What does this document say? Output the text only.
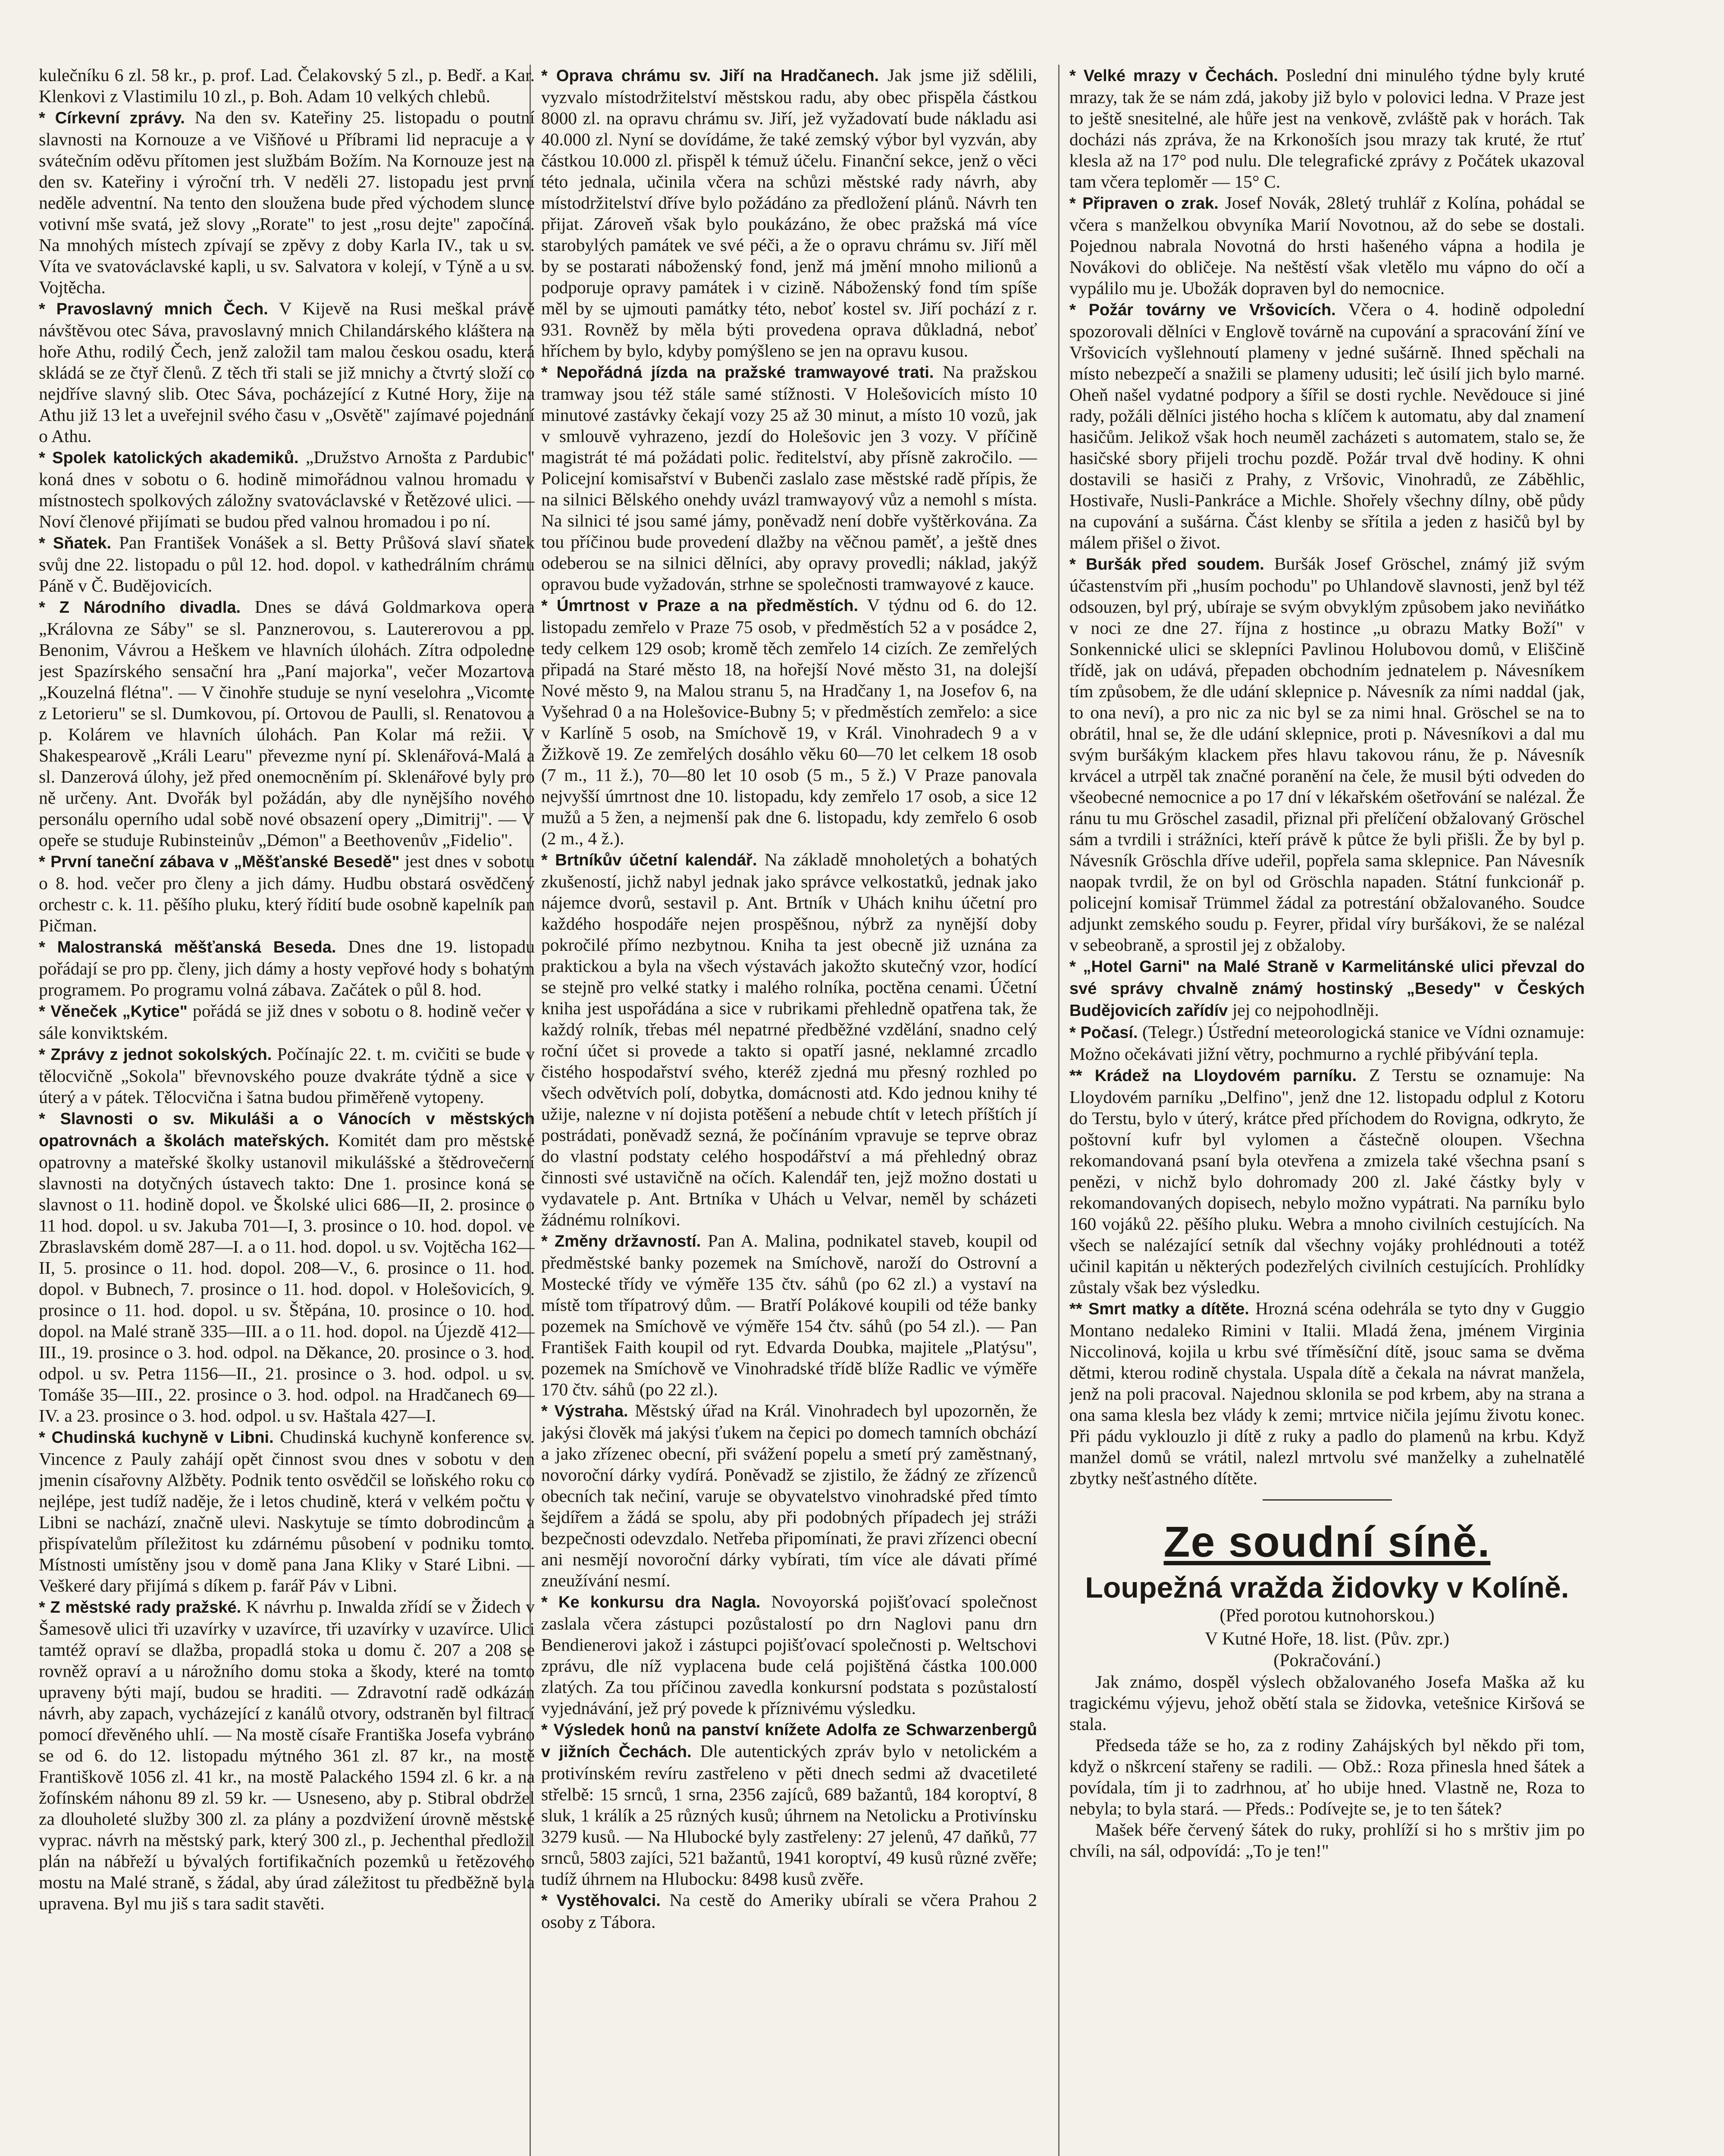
kulečníku 6 zl. 58 kr., p. prof. Lad. Čelakovský 5 zl., p. Bedř. a Kar. Klenkovi z Vlastimilu 10 zl., p. Boh. Adam 10 velkých chlebů.

* Církevní zprávy. Na den sv. Kateřiny 25. listopadu o poutní slavnosti na Kornouze a ve Višňové u Příbrami lid nepracuje a v svátečním oděvu přítomen jest službám Božím. Na Kornouze jest na den sv. Kateřiny i výroční trh. V neděli 27. listopadu jest první neděle adventní. Na tento den sloužena bude před východem slunce votivní mše svatá, jež slovy „Rorate" to jest „rosu dejte" započíná. Na mnohých místech zpívají se zpěvy z doby Karla IV., tak u sv. Víta ve svatováclavské kapli, u sv. Salvatora v kolejí, v Týně a u sv. Vojtěcha.

* Pravoslavný mnich Čech. V Kijevě na Rusi meškal právě návštěvou otec Sáva, pravoslavný mnich Chilandárského kláštera na hoře Athu, rodilý Čech, jenž založil tam malou českou osadu, která skládá se ze čtyř členů. Z těch tři stali se již mnichy a čtvrtý složí co nejdříve slavný slib. Otec Sáva, pocházející z Kutné Hory, žije na Athu již 13 let a uveřejnil svého času v „Osvětě" zajímavé pojednání o Athu.

* Spolek katolických akademiků. „Družstvo Arnošta z Pardubic" koná dnes v sobotu o 6. hodině mimořádnou valnou hromadu v místnostech spolkových záložny svatováclavské v Řetězové ulici. — Noví členové přijímati se budou před valnou hromadou i po ní.

* Sňatek. Pan František Vonášek a sl. Betty Průšová slaví sňatek svůj dne 22. listopadu o půl 12. hod. dopol. v kathedrálním chrámu Páně v Č. Budějovicích.

* Z Národního divadla. Dnes se dává Goldmarkova opera „Královna ze Sáby" se sl. Panznerovou, s. Lautererovou a pp. Benonim, Vávrou a Heškem ve hlavních úlohách. Zítra odpoledne jest Spazírského sensační hra „Paní majorka", večer Mozartova „Kouzelná flétna". — V činohře studuje se nyní veselohra „Vicomte z Letorieru" se sl. Dumkovou, pí. Ortovou de Paulli, sl. Renatovou a p. Kolárem ve hlavních úlohách. Pan Kolar má režii. V Shakespearově „Králi Learu" převezme nyní pí. Sklenářová-Malá a sl. Danzerová úlohy, jež před onemocněním pí. Sklenářové byly pro ně určeny. Ant. Dvořák byl požádán, aby dle nynějšího nového personálu operního udal sobě nové obsazení opery „Dimitrij". — V opeře se studuje Rubinsteinův „Démon" a Beethovenův „Fidelio".

* První taneční zábava v „Měšťanské Besedě" jest dnes v sobotu o 8. hod. večer pro členy a jich dámy. Hudbu obstará osvědčený orchestr c. k. 11. pěšího pluku, který řídití bude osobně kapelník pan Pičman.

* Malostranská měšťanská Beseda. Dnes dne 19. listopadu pořádají se pro pp. členy, jich dámy a hosty vepřové hody s bohatým programem. Po programu volná zábava. Začátek o půl 8. hod.

* Věneček „Kytice" pořádá se již dnes v sobotu o 8. hodině večer v sále konviktském.

* Zprávy z jednot sokolských. Počínajíc 22. t. m. cvičiti se bude v tělocvičně „Sokola" břevnovského pouze dvakráte týdně a sice v úterý a v pátek. Tělocvična i šatna budou přiměřeně vytopeny.

* Slavnosti o sv. Mikuláši a o Vánocích v městských opatrovnách a školách mateřských. Komitét dam pro městské opatrovny a mateřské školky ustanovil mikulášské a štědrovečerní slavnosti na dotyčných ústavech takto: Dne 1. prosince koná se slavnost o 11. hodině dopol. ve Školské ulici 686—II, 2. prosince o 11 hod. dopol. u sv. Jakuba 701—I, 3. prosince o 10. hod. dopol. ve Zbraslavském domě 287—I. a o 11. hod. dopol. u sv. Vojtěcha 162—II, 5. prosince o 11. hod. dopol. 208—V., 6. prosince o 11. hod. dopol. v Bubnech, 7. prosince o 11. hod. dopol. v Holešovicích, 9. prosince o 11. hod. dopol. u sv. Štěpána, 10. prosince o 10. hod. dopol. na Malé straně 335—III. a o 11. hod. dopol. na Újezdě 412—III., 19. prosince o 3. hod. odpol. na Děkance, 20. prosince o 3. hod. odpol. u sv. Petra 1156—II., 21. prosince o 3. hod. odpol. u sv. Tomáše 35—III., 22. prosince o 3. hod. odpol. na Hradčanech 69—IV. a 23. prosince o 3. hod. odpol. u sv. Haštala 427—I.

* Chudinská kuchyně v Libni. Chudinská kuchyně konference sv. Vincence z Pauly zahájí opět činnost svou dnes v sobotu v den jmenin císařovny Alžběty. Podnik tento osvědčil se loňského roku co nejlépe, jest tudíž naděje, že i letos chudině, která v velkém počtu v Libni se nachází, značně ulevi. Naskytuje se tímto dobrodincům a přispívatelům příležitost ku zdárnému působení v podniku tomto. Místnosti umístěny jsou v domě pana Jana Kliky v Staré Libni. — Veškeré dary přijímá s díkem p. farář Páv v Libni.

* Z městské rady pražské. K návrhu p. Inwalda zřídí se v Židech v Šamesově ulici tři uzavírky v uzavírce, tři uzavírky v uzavírce. Ulici tamtéž opraví se dlažba, propadlá stoka u domu č. 207 a 208 se rovněž opraví a u nárožního domu stoka a škody, které na tomto upraveny býti mají, budou se hraditi. — Zdravotní radě odkázán návrh, aby zapach, vycházející z kanálů otvory, odstraněn byl filtrací pomocí dřevěného uhlí. — Na mostě císaře Františka Josefa vybráno se od 6. do 12. listopadu mýtného 361 zl. 87 kr., na mostě Františkově 1056 zl. 41 kr., na mostě Palackého 1594 zl. 6 kr. a na žofínském náhonu 89 zl. 59 kr. — Usneseno, aby p. Stibral obdržel za dlouholeté služby 300 zl. za plány a pozdvižení úrovně městské vyprac. návrh na městský park, který 300 zl., p. Jechenthal předložil plán na nábřeží u bývalých fortifikačních pozemků u řetězového mostu na Malé straně, s žádal, aby úrad záležitost tu předběžně byla upravena. Byl mu jiš s tara sadit stavěti.

* Oprava chrámu sv. Jiří na Hradčanech. Jak jsme již sdělili, vyzvalo místodržitelství městskou radu, aby obec přispěla částkou 8000 zl. na opravu chrámu sv. Jiří, jež vyžadovatí bude nákladu asi 40.000 zl. Nyní se dovídáme, že také zemský výbor byl vyzván, aby částkou 10.000 zl. přispěl k témuž účelu. Finanční sekce, jenž o věci této jednala, učinila včera na schůzi městské rady návrh, aby místodržitelství dříve bylo požádáno za předložení plánů. Návrh ten přijat. Zároveň však bylo poukázáno, že obec pražská má více starobylých památek ve své péči, a že o opravu chrámu sv. Jiří měl by se postarati náboženský fond, jenž má jmění mnoho milionů a podporuje opravy památek i v cizině. Náboženský fond tím spíše měl by se ujmouti památky této, neboť kostel sv. Jiří pochází z r. 931. Rovněž by měla býti provedena oprava důkladná, neboť hříchem by bylo, kdyby pomýšleno se jen na opravu kusou.

* Nepořádná jízda na pražské tramwayové trati. Na pražskou tramway jsou též stále samé stížnosti. V Holešovicích místo 10 minutové zastávky čekají vozy 25 až 30 minut, a místo 10 vozů, jak v smlouvě vyhrazeno, jezdí do Holešovic jen 3 vozy. V příčině magistrát té má požádati polic. ředitelství, aby přísně zakročilo. — Policejní komisařství v Bubenči zaslalo zase městské radě přípis, že na silnici Bělského onehdy uvázl tramwayový vůz a nemohl s místa. Na silnici té jsou samé jámy, poněvadž není dobře vyštěrkována. Za tou příčinou bude provedení dlažby na věčnou paměť, a ještě dnes odeberou se na silnici dělníci, aby opravy provedli; náklad, jakýž opravou bude vyžadován, strhne se společnosti tramwayové z kauce.

* Úmrtnost v Praze a na předměstích. V týdnu od 6. do 12. listopadu zemřelo v Praze 75 osob, v předměstích 52 a v posádce 2, tedy celkem 129 osob; kromě těch zemřelo 14 cizích. Ze zemřelých připadá na Staré město 18, na hořejší Nové město 31, na dolejší Nové město 9, na Malou stranu 5, na Hradčany 1, na Josefov 6, na Vyšehrad 0 a na Holešovice-Bubny 5; v předměstích zemřelo: a sice v Karlíně 5 osob, na Smíchově 19, v Král. Vinohradech 9 a v Žižkově 19. Ze zemřelých dosáhlo věku 60—70 let celkem 18 osob (7 m., 11 ž.), 70—80 let 10 osob (5 m., 5 ž.) V Praze panovala nejvyšší úmrtnost dne 10. listopadu, kdy zemřelo 17 osob, a sice 12 mužů a 5 žen, a nejmenší pak dne 6. listopadu, kdy zemřelo 6 osob (2 m., 4 ž.).

* Brtníkův účetní kalendář. Na základě mnoholetých a bohatých zkušeností, jichž nabyl jednak jako správce velkostatků, jednak jako nájemce dvorů, sestavil p. Ant. Brtník v Uhách knihu účetní pro každého hospodáře nejen prospěšnou, nýbrž za nynější doby pokročilé přímo nezbytnou. Kniha ta jest obecně již uznána za praktickou a byla na všech výstavách jakožto skutečný vzor, hodící se stejně pro velké statky i malého rolníka, poctěna cenami. Účetní kniha jest uspořádána a sice v rubrikami přehledně opatřena tak, že každý rolník, třebas mél nepatrné předběžné vzdělání, snadno celý roční účet si provede a takto si opatří jasné, neklamné zrcadlo čistého hospodařství svého, kteréž zjedná mu přesný rozhled po všech odvětvích polí, dobytka, domácnosti atd. Kdo jednou knihy té užije, nalezne v ní dojista potěšení a nebude chtít v letech příštích jí postrádati, poněvadž sezná, že počínáním vpravuje se teprve obraz do vlastní podstaty celého hospodářství a má přehledný obraz činnosti své ustavičně na očích. Kalendář ten, jejž možno dostati u vydavatele p. Ant. Brtníka v Uhách u Velvar, neměl by scházeti žádnému rolníkovi.

* Změny državností. Pan A. Malina, podnikatel staveb, koupil od předměstské banky pozemek na Smíchově, naroží do Ostrovní a Mostecké třídy ve výměře 135 čtv. sáhů (po 62 zl.) a vystaví na místě tom třípatrový dům. — Bratří Polákové koupili od téže banky pozemek na Smíchově ve výměře 154 čtv. sáhů (po 54 zl.). — Pan František Faith koupil od ryt. Edvarda Doubka, majitele „Platýsu", pozemek na Smíchově ve Vinohradské třídě blíže Radlic ve výměře 170 čtv. sáhů (po 22 zl.).

* Výstraha. Městský úřad na Král. Vinohradech byl upozorněn, že jakýsi člověk má jakýsi ťukem na čepici po domech tamních obchází a jako zřízenec obecní, při svážení popelu a smetí prý zaměstnaný, novoroční dárky vydírá. Poněvadž se zjistilo, že žádný ze zřízenců obecních tak nečiní, varuje se obyvatelstvo vinohradské před tímto šejdířem a žádá se spolu, aby při podobných případech jej stráži bezpečnosti odevzdalo. Netřeba připomínati, že pravi zřízenci obecní ani nesmějí novoroční dárky vybírati, tím více ale dávati přímé zneužívání nesmí.

* Ke konkursu dra Nagla. Novoyorská pojišťovací společnost zaslala včera zástupci pozůstalostí po drn Naglovi panu drn Bendienerovi jakož i zástupci pojišťovací společnosti p. Weltschovi zprávu, dle níž vyplacena bude celá pojištěná částka 100.000 zlatých. Za tou příčinou zavedla konkursní podstata s pozůstalostí vyjednávání, jež prý povede k příznivému výsledku.

* Výsledek honů na panství knížete Adolfa ze Schwarzenbergů v jižních Čechách. Dle autentických zpráv bylo v netolickém a protivínském revíru zastřeleno v pěti dnech sedmi až dvacetileté střelbě: 15 srnců, 1 srna, 2356 zajíců, 689 bažantů, 184 koroptví, 8 sluk, 1 králík a 25 různých kusů; úhrnem na Netolicku a Protivínsku 3279 kusů. — Na Hlubocké byly zastřeleny: 27 jelenů, 47 daňků, 77 srnců, 5803 zajíci, 521 bažantů, 1941 koroptví, 49 kusů různé zvěře; tudíž úhrnem na Hlubocku: 8498 kusů zvěře.

* Vystěhovalci. Na cestě do Ameriky ubírali se včera Prahou 2 osoby z Tábora.

* Velké mrazy v Čechách. Poslední dni minulého týdne byly kruté mrazy, tak že se nám zdá, jakoby již bylo v polovici ledna. V Praze jest to ještě snesitelné, ale hůře jest na venkově, zvláště pak v horách. Tak docházi nás zpráva, že na Krkonoších jsou mrazy tak kruté, že rtuť klesla až na 17° pod nulu. Dle telegrafické zprávy z Počátek ukazoval tam včera teploměr — 15° C.

* Připraven o zrak. Josef Novák, 28letý truhlář z Kolína, pohádal se včera s manželkou obvyníka Marií Novotnou, až do sebe se dostali. Pojednou nabrala Novotná do hrsti hašeného vápna a hodila je Novákovi do obličeje. Na neštěstí však vletělo mu vápno do očí a vypálilo mu je. Ubožák dopraven byl do nemocnice.

* Požár továrny ve Vršovicích. Včera o 4. hodině odpolední spozorovali dělníci v Englově továrně na cupování a spracování žíní ve Vršovicích vyšlehnoutí plameny v jedné sušárně. Ihned spěchali na místo nebezpečí a snažili se plameny udusiti; leč úsilí jich bylo marné. Oheň našel vydatné podpory a šířil se dosti rychle. Nevědouce si jiné rady, požáli dělníci jistého hocha s klíčem k automatu, aby dal znamení hasičům. Jelikož však hoch neuměl zacházeti s automatem, stalo se, že hasičské sbory přijeli trochu pozdě. Požár trval dvě hodiny. K ohni dostavili se hasiči z Prahy, z Vršovic, Vinohradů, ze Záběhlic, Hostivaře, Nusli-Pankráce a Michle. Shořely všechny dílny, obě půdy na cupování a sušárna. Část klenby se sřítila a jeden z hasičů byl by málem přišel o život.

* Buršák před soudem. Buršák Josef Gröschel, známý již svým účastenstvím při „husím pochodu" po Uhlandově slavnosti, jenž byl též odsouzen, byl prý, ubíraje se svým obvyklým způsobem jako neviňátko v noci ze dne 27. října z hostince „u obrazu Matky Boží" v Sonkennické ulici se sklepníci Pavlinou Holubovou domů, v Eliščině třídě, jak on udává, přepaden obchodním jednatelem p. Návesníkem tím způsobem, že dle udání sklepnice p. Návesník za ními naddal (jak, to ona neví), a pro nic za nic byl se za nimi hnal. Gröschel se na to obrátil, hnal se, že dle udání sklepnice, proti p. Návesníkovi a dal mu svým buršákým klackem přes hlavu takovou ránu, že p. Návesník krvácel a utrpěl tak značné poranění na čele, že musil býti odveden do všeobecné nemocnice a po 17 dní v lékařském ošetřování se nalézal. Že ránu tu mu Gröschel zasadil, přiznal při přelíčení obžalovaný Gröschel sám a tvrdili i strážníci, kteří právě k půtce že byli přišli. Že by byl p. Návesník Gröschla dříve udeřil, popřela sama sklepnice. Pan Návesník naopak tvrdil, že on byl od Gröschla napaden. Státní funkcionář p. policejní komisař Trümmel žádal za potrestání obžalovaného. Soudce adjunkt zemského soudu p. Feyrer, přidal víry buršákovi, že se nalézal v sebeobraně, a sprostil jej z obžaloby.

* „Hotel Garni" na Malé Straně v Karmelitánské ulici převzal do své správy chvalně známý hostinský „Besedy" v Českých Budějovicích zařídív jej co nejpohodlněji.

* Počasí. (Telegr.) Ústřední meteorologická stanice ve Vídni oznamuje: Možno očekávati jižní větry, pochmurno a rychlé přibývání tepla.

** Krádež na Lloydovém parníku. Z Terstu se oznamuje: Na Lloydovém parníku „Delfino", jenž dne 12. listopadu odplul z Kotoru do Terstu, bylo v úterý, krátce před příchodem do Rovigna, odkryto, že poštovní kufr byl vylomen a částečně oloupen. Všechna rekomandovaná psaní byla otevřena a zmizela také všechna psaní s penězi, v nichž bylo dohromady 200 zl. Jaké částky byly v rekomandovaných dopisech, nebylo možno vypátrati. Na parníku bylo 160 vojáků 22. pěšího pluku. Webra a mnoho civilních cestujících. Na všech se nalézající setník dal všechny vojáky prohlédnouti a totéž učinil kapitán u některých podezřelých civilních cestujících. Prohlídky zůstaly však bez výsledku.

** Smrt matky a dítěte. Hrozná scéna odehrála se tyto dny v Guggio Montano nedaleko Rimini v Italii. Mladá žena, jménem Virginia Niccolinová, kojila u krbu své tříměsíční dítě, jsouc sama se dvěma dětmi, kterou rodině chystala. Uspala dítě a čekala na návrat manžela, jenž na poli pracoval. Najednou sklonila se pod krbem, aby na strana a ona sama klesla bez vlády k zemi; mrtvice ničila jejímu životu konec. Při pádu vyklouzlo ji dítě z ruky a padlo do plamenů na krbu. Když manžel domů se vrátil, nalezl mrtvolu své manželky a zuhelnatělé zbytky nešťastného dítěte.

Ze soudní síně.
Loupežná vražda židovky v Kolíně.
(Před porotou kutnohorskou.)
V Kutné Hoře, 18. list. (Pův. zpr.)
(Pokračování.)

Jak známo, dospěl výslech obžalovaného Josefa Maška až ku tragickému výjevu, jehož obětí stala se židovka, vetešnice Kiršová se stala.

Předseda táže se ho, za z rodiny Zahájských byl někdo při tom, když o nškrcení stařeny se radili. — Obž.: Roza přinesla hned šátek a povídala, tím ji to zadrhnou, ať ho ubije hned. Vlastně ne, Roza to nebyla; to byla stará. — Předs.: Podívejte se, je to ten šátek?

Mašek béře červený šátek do ruky, prohlíží si ho s mrštiv jim po chvíli, na sál, odpovídá: „To je ten!"
